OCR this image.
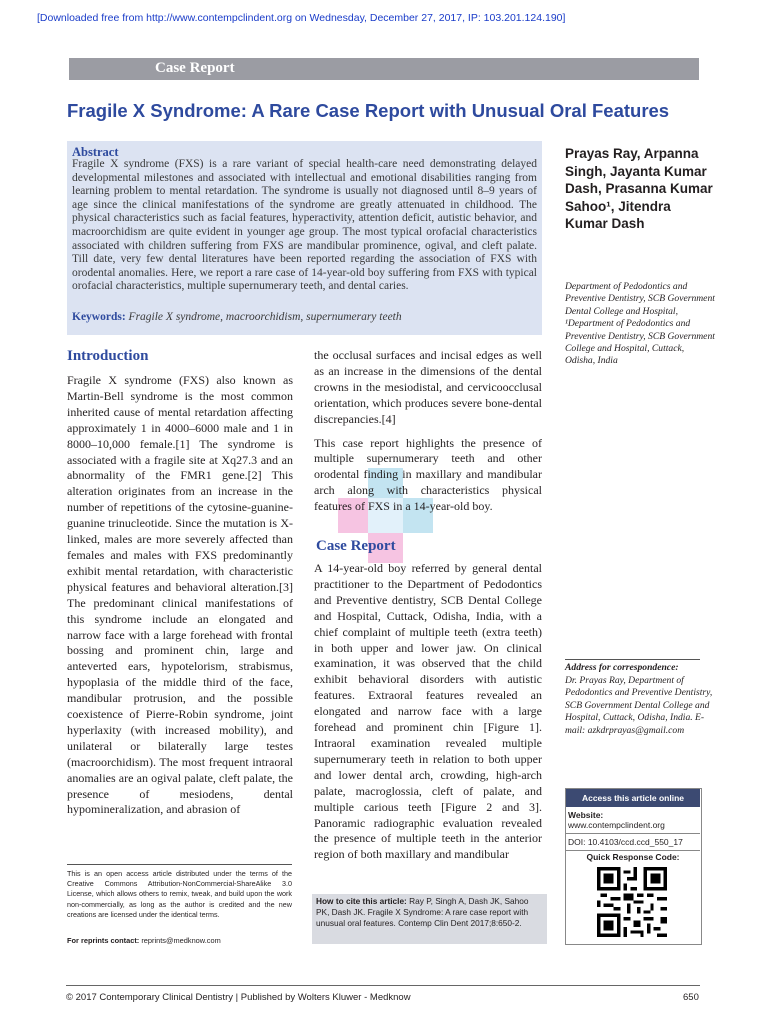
[Downloaded free from http://www.contempclindent.org on Wednesday, December 27, 2017, IP: 103.201.124.190]
Case Report
Fragile X Syndrome: A Rare Case Report with Unusual Oral Features
Abstract
Fragile X syndrome (FXS) is a rare variant of special health-care need demonstrating delayed developmental milestones and associated with intellectual and emotional disabilities ranging from learning problem to mental retardation. The syndrome is usually not diagnosed until 8–9 years of age since the clinical manifestations of the syndrome are greatly attenuated in childhood. The physical characteristics such as facial features, hyperactivity, attention deficit, autistic behavior, and macroorchidism are quite evident in younger age group. The most typical orofacial characteristics associated with children suffering from FXS are mandibular prominence, ogival, and cleft palate. Till date, very few dental literatures have been reported regarding the association of FXS with orodental anomalies. Here, we report a rare case of 14-year-old boy suffering from FXS with typical orofacial characteristics, multiple supernumerary teeth, and dental caries.
Keywords: Fragile X syndrome, macroorchidism, supernumerary teeth
Prayas Ray, Arpanna Singh, Jayanta Kumar Dash, Prasanna Kumar Sahoo¹, Jitendra Kumar Dash
Department of Pedodontics and Preventive Dentistry, SCB Government Dental College and Hospital, ¹Department of Pedodontics and Preventive Dentistry, SCB Government College and Hospital, Cuttack, Odisha, India
Address for correspondence:
Dr. Prayas Ray, Department of Pedodontics and Preventive Dentistry, SCB Government Dental College and Hospital, Cuttack, Odisha, India. E-mail: azkdrprayas@gmail.com
Introduction

Fragile X syndrome (FXS) also known as Martin-Bell syndrome is the most common inherited cause of mental retardation affecting approximately 1 in 4000–6000 male and 1 in 8000–10,000 female.[1] The syndrome is associated with a fragile site at Xq27.3 and an abnormality of the FMR1 gene.[2] This alteration originates from an increase in the number of repetitions of the cytosine-guanine-guanine trinucleotide. Since the mutation is X-linked, males are more severely affected than females and males with FXS predominantly exhibit mental retardation, with characteristic physical features and behavioral alteration.[3] The predominant clinical manifestations of this syndrome include an elongated and narrow face with a large forehead with frontal bossing and prominent chin, large and anteverted ears, hypotelorism, strabismus, hypoplasia of the middle third of the face, mandibular protrusion, and the possible coexistence of Pierre-Robin syndrome, joint hyperlaxity (with increased mobility), and unilateral or bilaterally large testes (macroorchidism). The most frequent intraoral anomalies are an ogival palate, cleft palate, the presence of mesiodens, dental hypomineralization, and abrasion of

the occlusal surfaces and incisal edges as well as an increase in the dimensions of the dental crowns in the mesiodistal, and cervicoocclusal orientation, which produces severe bone-dental discrepancies.[4]

This case report highlights the presence of multiple supernumerary teeth and other orodental finding in maxillary and mandibular arch along with characteristics physical features of FXS in a 14-year-old boy.

Case Report

A 14-year-old boy referred by general dental practitioner to the Department of Pedodontics and Preventive dentistry, SCB Dental College and Hospital, Cuttack, Odisha, India, with a chief complaint of multiple teeth (extra teeth) in both upper and lower jaw. On clinical examination, it was observed that the child exhibit behavioral disorders with autistic features. Extraoral features revealed an elongated and narrow face with a large forehead and prominent chin [Figure 1]. Intraoral examination revealed multiple supernumerary teeth in relation to both upper and lower dental arch, crowding, high-arch palate, macroglossia, cleft of palate, and multiple carious teeth [Figure 2 and 3]. Panoramic radiographic evaluation revealed the presence of multiple teeth in the anterior region of both maxillary and mandibular

This is an open access article distributed under the terms of the Creative Commons Attribution-NonCommercial-ShareAlike 3.0 License, which allows others to remix, tweak, and build upon the work non-commercially, as long as the author is credited and the new creations are licensed under the identical terms.
For reprints contact: reprints@medknow.com
How to cite this article: Ray P, Singh A, Dash JK, Sahoo PK, Dash JK. Fragile X Syndrome: A rare case report with unusual oral features. Contemp Clin Dent 2017;8:650-2.
Access this article online
Website:
www.contempclindent.org
DOI: 10.4103/ccd.ccd_550_17
Quick Response Code:
© 2017 Contemporary Clinical Dentistry | Published by Wolters Kluwer - Medknow	650
